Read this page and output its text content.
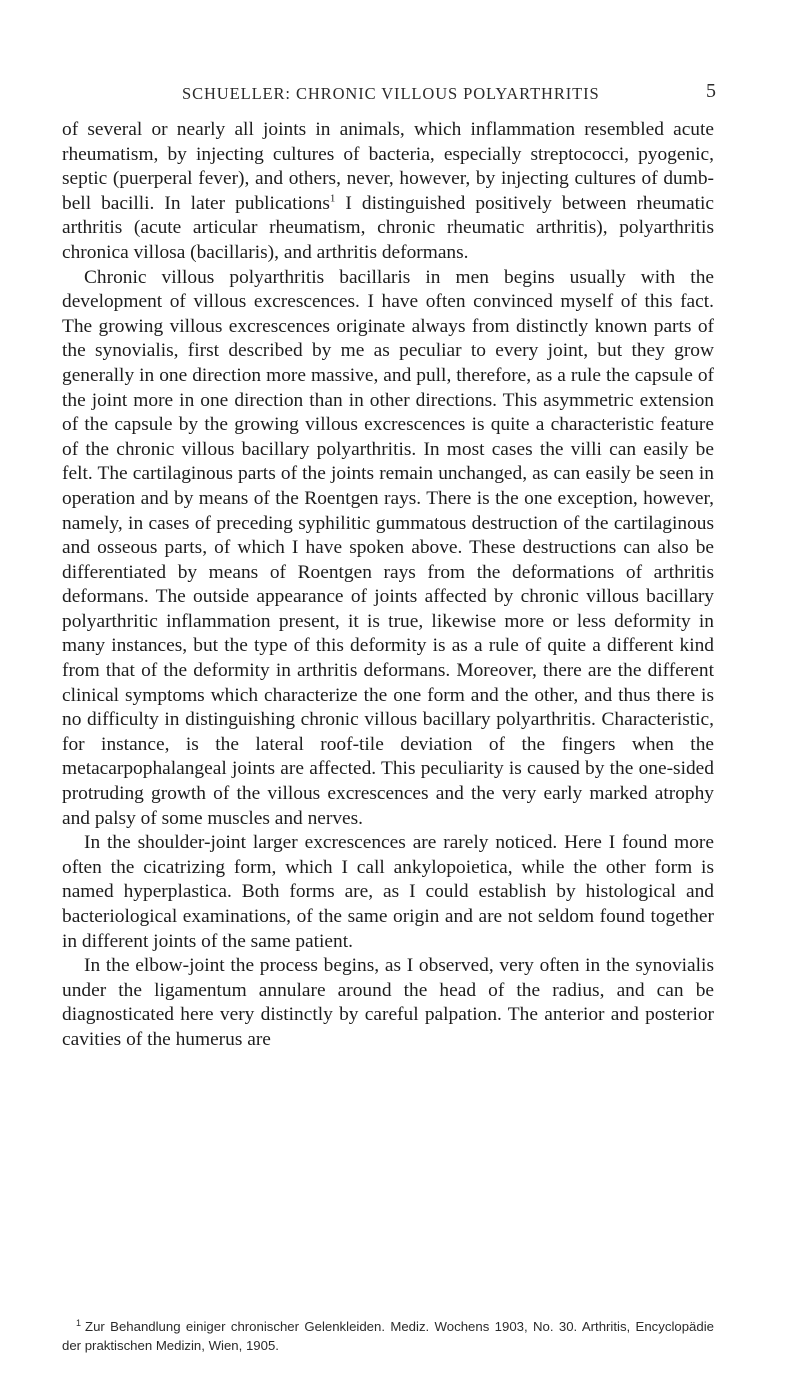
SCHUELLER: CHRONIC VILLOUS POLYARTHRITIS	5

of several or nearly all joints in animals, which inflammation resembled acute rheumatism, by injecting cultures of bacteria, especially streptococci, pyogenic, septic (puerperal fever), and others, never, however, by injecting cultures of dumb-bell bacilli. In later publications$^1$ I distinguished positively between rheumatic arthritis (acute articular rheumatism, chronic rheumatic arthritis), polyarthritis chronica villosa (bacillaris), and arthritis deformans.

Chronic villous polyarthritis bacillaris in men begins usually with the development of villous excrescences. I have often convinced myself of this fact. The growing villous excrescences originate always from distinctly known parts of the synovialis, first described by me as peculiar to every joint, but they grow generally in one direction more massive, and pull, therefore, as a rule the capsule of the joint more in one direction than in other directions. This asymmetric extension of the capsule by the growing villous excrescences is quite a characteristic feature of the chronic villous bacillary polyarthritis. In most cases the villi can easily be felt. The cartilaginous parts of the joints remain unchanged, as can easily be seen in operation and by means of the Roentgen rays. There is the one exception, however, namely, in cases of preceding syphilitic gummatous destruction of the cartilaginous and osseous parts, of which I have spoken above. These destructions can also be differentiated by means of Roentgen rays from the deformations of arthritis deformans. The outside appearance of joints affected by chronic villous bacillary polyarthritic inflammation present, it is true, likewise more or less deformity in many instances, but the type of this deformity is as a rule of quite a different kind from that of the deformity in arthritis deformans. Moreover, there are the different clinical symptoms which characterize the one form and the other, and thus there is no difficulty in distinguishing chronic villous bacillary polyarthritis. Characteristic, for instance, is the lateral roof-tile deviation of the fingers when the metacarpophalangeal joints are affected. This peculiarity is caused by the one-sided protruding growth of the villous excrescences and the very early marked atrophy and palsy of some muscles and nerves.

In the shoulder-joint larger excrescences are rarely noticed. Here I found more often the cicatrizing form, which I call ankylopoietica, while the other form is named hyperplastica. Both forms are, as I could establish by histological and bacteriological examinations, of the same origin and are not seldom found together in different joints of the same patient.

In the elbow-joint the process begins, as I observed, very often in the synovialis under the ligamentum annulare around the head of the radius, and can be diagnosticated here very distinctly by careful palpation. The anterior and posterior cavities of the humerus are

$^1$ Zur Behandlung einiger chronischer Gelenkleiden. Mediz. Wochens 1903, No. 30. Arthritis, Encyclopädie der praktischen Medizin, Wien, 1905.
